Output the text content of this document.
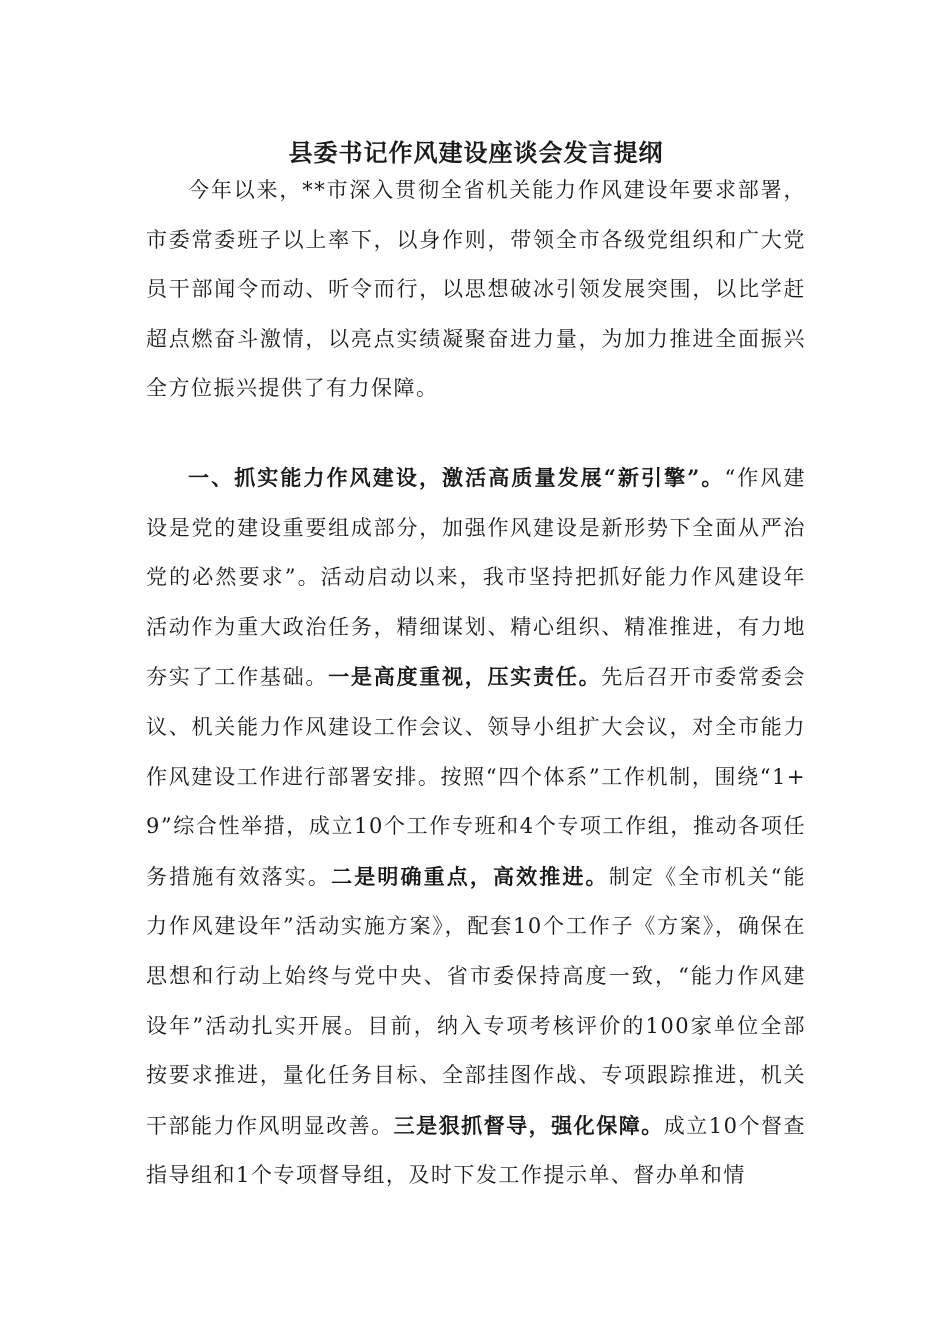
县委书记作风建设座谈会发言提纲

今年以来，**市深入贯彻全省机关能力作风建设年要求部署，市委常委班子以上率下，以身作则，带领全市各级党组织和广大党员干部闻令而动、听令而行，以思想破冰引领发展突围，以比学赶超点燃奋斗激情，以亮点实绩凝聚奋进力量，为加力推进全面振兴全方位振兴提供了有力保障。

一、抓实能力作风建设，激活高质量发展“新引擎”。“作风建设是党的建设重要组成部分，加强作风建设是新形势下全面从严治党的必然要求”。活动启动以来，我市坚持把抓好能力作风建设年活动作为重大政治任务，精细谋划、精心组织、精准推进，有力地夯实了工作基础。一是高度重视，压实责任。先后召开市委常委会议、机关能力作风建设工作会议、领导小组扩大会议，对全市能力作风建设工作进行部署安排。按照“四个体系”工作机制，围绕“1+9”综合性举措，成立10个工作专班和4个专项工作组，推动各项任务措施有效落实。二是明确重点，高效推进。制定《全市机关“能力作风建设年”活动实施方案》，配套10个工作子《方案》，确保在思想和行动上始终与党中央、省市委保持高度一致，“能力作风建设年”活动扎实开展。目前，纳入专项考核评价的100家单位全部按要求推进，量化任务目标、全部挂图作战、专项跟踪推进，机关干部能力作风明显改善。三是狠抓督导，强化保障。成立10个督查指导组和1个专项督导组，及时下发工作提示单、督办单和情
